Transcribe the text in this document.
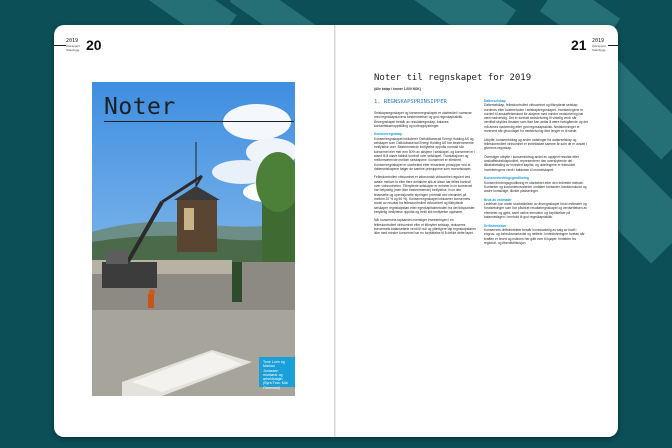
2019
Årsrapport Statsbygg 20
Noter
Tone Lunn og Markus Jonassen montørar og arbeidslagin. (Byra Foto: Mia Ormestad)
21 2019
Årsrapport Statsbygg
Noter til regnskapet for 2019
(Alle beløp i kroner 1.000 NOK)
1. REGNSKAPSPRINSIPPER

Selskapsregnskapet og konsernregnskapet er utarbeidet i samsvar med regnskapslovens bestemmelser og god regnskapsskikk. Årsregnskapet består av resultatregnskap, balanse, kontantstrømoppstilling og noteopplysninger.

Konsernregnskap
Konsernregnskapet inkluderer Ostfoldbaserad Energi Holding AS og selskaper som Ostfoldbaserad Energi Holding AS har bestemmende innflytelse over. Bestemmende innflytelse oppnås normalt når konsernet eier mer enn 50% av aksjene i selskapet, og konsernet er i stand til å utøve faktisk kontroll over selskapet. Transaksjoner og mellomværende mellom selskapene i konsernet er eliminert. Konsernregnskapet er utarbeidet etter ensartede prinsipper ved at datterselskapene følger de samme prinsippene som morselskapet.

Felleskontrollert virksomhet er økonomisk virksomhet regulert ved avtale mellom to eller flere deltakere slik at disse har felles kontroll over virksomheten. Tilknyttede selskaper er enheter hvor konsernet har betydelig (men ikke bestemmende) innflytelse, hvor den finansielle og operasjonelle styringen (normalt ved eierandel på mellom 20 % og 50 %). Konsernregnskapet inkluderer konsernets andel av resultat fra felleskontrollert virksomhet og tilknyttede selskaper regnskapsført etter egenkapitalmetoden fra det tidspunktet betydelig innflytelse oppnås og inntil slik innflytelse opphører.

Når konsernets tapsandel overstiger investeringen i en felleskontrollert virksomhet eller et tilknyttet selskap, reduseres konsernets balanseførte verdi til null og ytterligere tap regnskapsføres ikke med mindre konsernet har en forpliktelse til å dekke dette tapet.

Datterselskap
Datterselskap, felleskontrollert virksomhet og tilknyttede selskap vurderes etter kostmetoden i selskapsregnskapet. Investeringene er vurdert til anskaffelseskost for aksjene med mindre nedskrivning har vært nødvendig. Det er foretatt nedskrivning til virkelig verdi når verdifall skyldes årsaker som ikke kan antas å være forbigående og det må anses nødvendig etter god regnskapsskikk. Nedskrivninger er reversert når grunnlaget for nedskrivning ikke lenger er til stede.

Utbytte, konsernbidrag og andre utdelinger fra datterselskap og felleskontrollert virksomhet er inntektsført samme år som de er avsatt i giverens regnskap.

Overstiger utbytte / konsernbidrag andel av opptjent resultat etter anskaffelsestidspunktet, representerer den overskytende del tilbakebetaling av investert kapital, og utdelingene er fratrukket investeringens verdi i balansen til morselskapet.

Konsernfordringsgrodlkning
Konsernfordringsgrodlkning er utarbeidet etter den indirekte metode. Kontanter og kontantekvivalenter omfatter kontanter, bankinnskudd og andre kortsiktige, likvide plasseringer.

Bruk av estimater
Ledelsen har under utarbeidelsen av årsregnskapet brukt estimater og forutsetninger som har påvirket resultatregnskapet og verdsettelsen av eiendeler og gjeld, samt usikre eiendeler og forpliktelser på balansedagen i henhold til god regnskapsskikk.

Driftsinntekter
Konsernets driftsinntekter består hovedsakelig av salg av kraft i engros- og forbruksmarkedet og nettleie. Inntektsføringen foretas når kraften er levert og risikoen har gått over til kjøper. Inntekter fra regional- og fiberdistribusjon.
